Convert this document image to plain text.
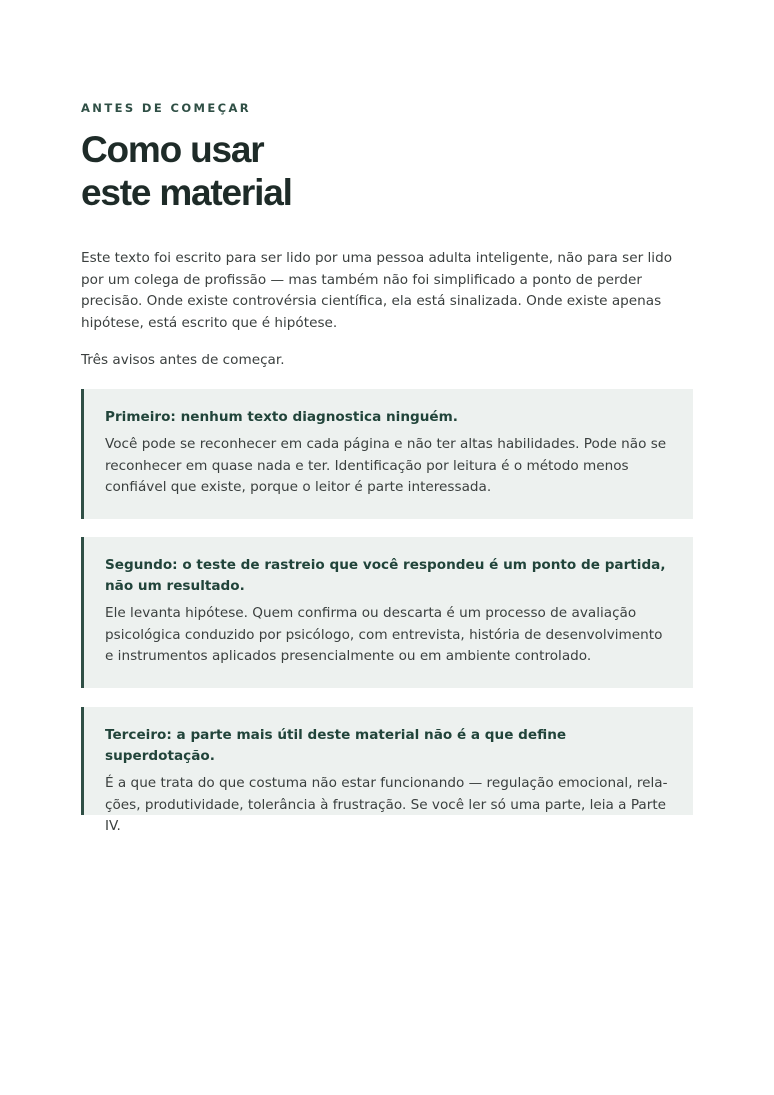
ANTES DE COMEÇAR
Como usar
este material

Este texto foi escrito para ser lido por uma pessoa adulta inteligente, não para ser lido por um colega de profissão — mas também não foi simplificado a ponto de perder precisão. Onde existe controvérsia científica, ela está sinalizada. Onde existe apenas hipótese, está escrito que é hipótese.

Três avisos antes de começar.

Primeiro: nenhum texto diagnostica ninguém.

Você pode se reconhecer em cada página e não ter altas habilidades. Pode não se reconhecer em quase nada e ter. Identificação por leitura é o método menos confiável que existe, porque o leitor é parte interessada.

Segundo: o teste de rastreio que você respondeu é um ponto de partida, não um resultado.

Ele levanta hipótese. Quem confirma ou descarta é um processo de avaliação psicológica conduzido por psicólogo, com entrevista, história de desenvolvimento e instrumentos aplicados presencialmente ou em ambiente controlado.

Terceiro: a parte mais útil deste material não é a que define superdotação.

É a que trata do que costuma não estar funcionando — regulação emocional, relações, produtividade, tolerância à frustração. Se você ler só uma parte, leia a Parte IV.
